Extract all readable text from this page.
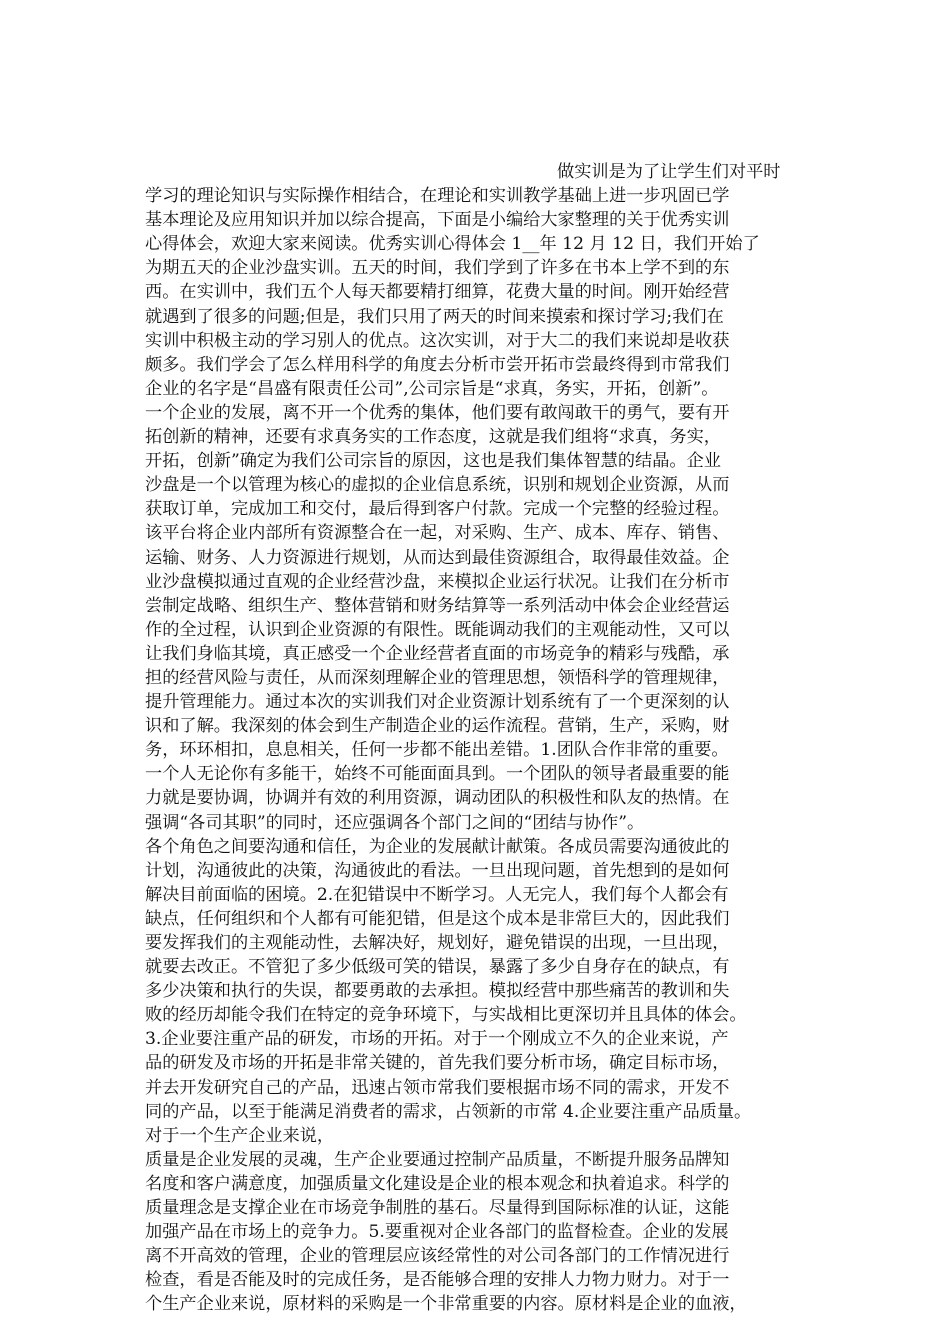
做实训是为了让学生们对平时
学习的理论知识与实际操作相结合，在理论和实训教学基础上进一步巩固已学
基本理论及应用知识并加以综合提高，下面是小编给大家整理的关于优秀实训
心得体会，欢迎大家来阅读。优秀实训心得体会 1__年 12 月 12 日，我们开始了
为期五天的企业沙盘实训。五天的时间，我们学到了许多在书本上学不到的东
西。在实训中，我们五个人每天都要精打细算，花费大量的时间。刚开始经营
就遇到了很多的问题;但是，我们只用了两天的时间来摸索和探讨学习;我们在
实训中积极主动的学习别人的优点。这次实训，对于大二的我们来说却是收获
颇多。我们学会了怎么样用科学的角度去分析市尝开拓市尝最终得到市常我们
企业的名字是“昌盛有限责任公司”,公司宗旨是“求真，务实，开拓，创新”。
一个企业的发展，离不开一个优秀的集体，他们要有敢闯敢干的勇气，要有开
拓创新的精神，还要有求真务实的工作态度，这就是我们组将“求真，务实，
开拓，创新”确定为我们公司宗旨的原因，这也是我们集体智慧的结晶。企业
沙盘是一个以管理为核心的虚拟的企业信息系统，识别和规划企业资源，从而
获取订单，完成加工和交付，最后得到客户付款。完成一个完整的经验过程。
该平台将企业内部所有资源整合在一起，对采购、生产、成本、库存、销售、
运输、财务、人力资源进行规划，从而达到最佳资源组合，取得最佳效益。企
业沙盘模拟通过直观的企业经营沙盘，来模拟企业运行状况。让我们在分析市
尝制定战略、组织生产、整体营销和财务结算等一系列活动中体会企业经营运
作的全过程，认识到企业资源的有限性。既能调动我们的主观能动性，又可以
让我们身临其境，真正感受一个企业经营者直面的市场竞争的精彩与残酷，承
担的经营风险与责任，从而深刻理解企业的管理思想，领悟科学的管理规律，
提升管理能力。通过本次的实训我们对企业资源计划系统有了一个更深刻的认
识和了解。我深刻的体会到生产制造企业的运作流程。营销，生产，采购，财
务，环环相扣，息息相关，任何一步都不能出差错。1.团队合作非常的重要。
一个人无论你有多能干，始终不可能面面具到。一个团队的领导者最重要的能
力就是要协调，协调并有效的利用资源，调动团队的积极性和队友的热情。在
强调“各司其职”的同时，还应强调各个部门之间的“团结与协作”。
各个角色之间要沟通和信任，为企业的发展献计献策。各成员需要沟通彼此的
计划，沟通彼此的决策，沟通彼此的看法。一旦出现问题，首先想到的是如何
解决目前面临的困境。2.在犯错误中不断学习。人无完人，我们每个人都会有
缺点，任何组织和个人都有可能犯错，但是这个成本是非常巨大的，因此我们
要发挥我们的主观能动性，去解决好，规划好，避免错误的出现，一旦出现，
就要去改正。不管犯了多少低级可笑的错误，暴露了多少自身存在的缺点，有
多少决策和执行的失误，都要勇敢的去承担。模拟经营中那些痛苦的教训和失
败的经历却能令我们在特定的竞争环境下，与实战相比更深切并且具体的体会。
3.企业要注重产品的研发，市场的开拓。对于一个刚成立不久的企业来说，产
品的研发及市场的开拓是非常关键的，首先我们要分析市场，确定目标市场，
并去开发研究自己的产品，迅速占领市常我们要根据市场不同的需求，开发不
同的产品，以至于能满足消费者的需求，占领新的市常 4.企业要注重产品质量。
对于一个生产企业来说，
质量是企业发展的灵魂，生产企业要通过控制产品质量，不断提升服务品牌知
名度和客户满意度，加强质量文化建设是企业的根本观念和执着追求。科学的
质量理念是支撑企业在市场竞争制胜的基石。尽量得到国际标准的认证，这能
加强产品在市场上的竞争力。5.要重视对企业各部门的监督检查。企业的发展
离不开高效的管理，企业的管理层应该经常性的对公司各部门的工作情况进行
检查，看是否能及时的完成任务，是否能够合理的安排人力物力财力。对于一
个生产企业来说，原材料的采购是一个非常重要的内容。原材料是企业的血液，
